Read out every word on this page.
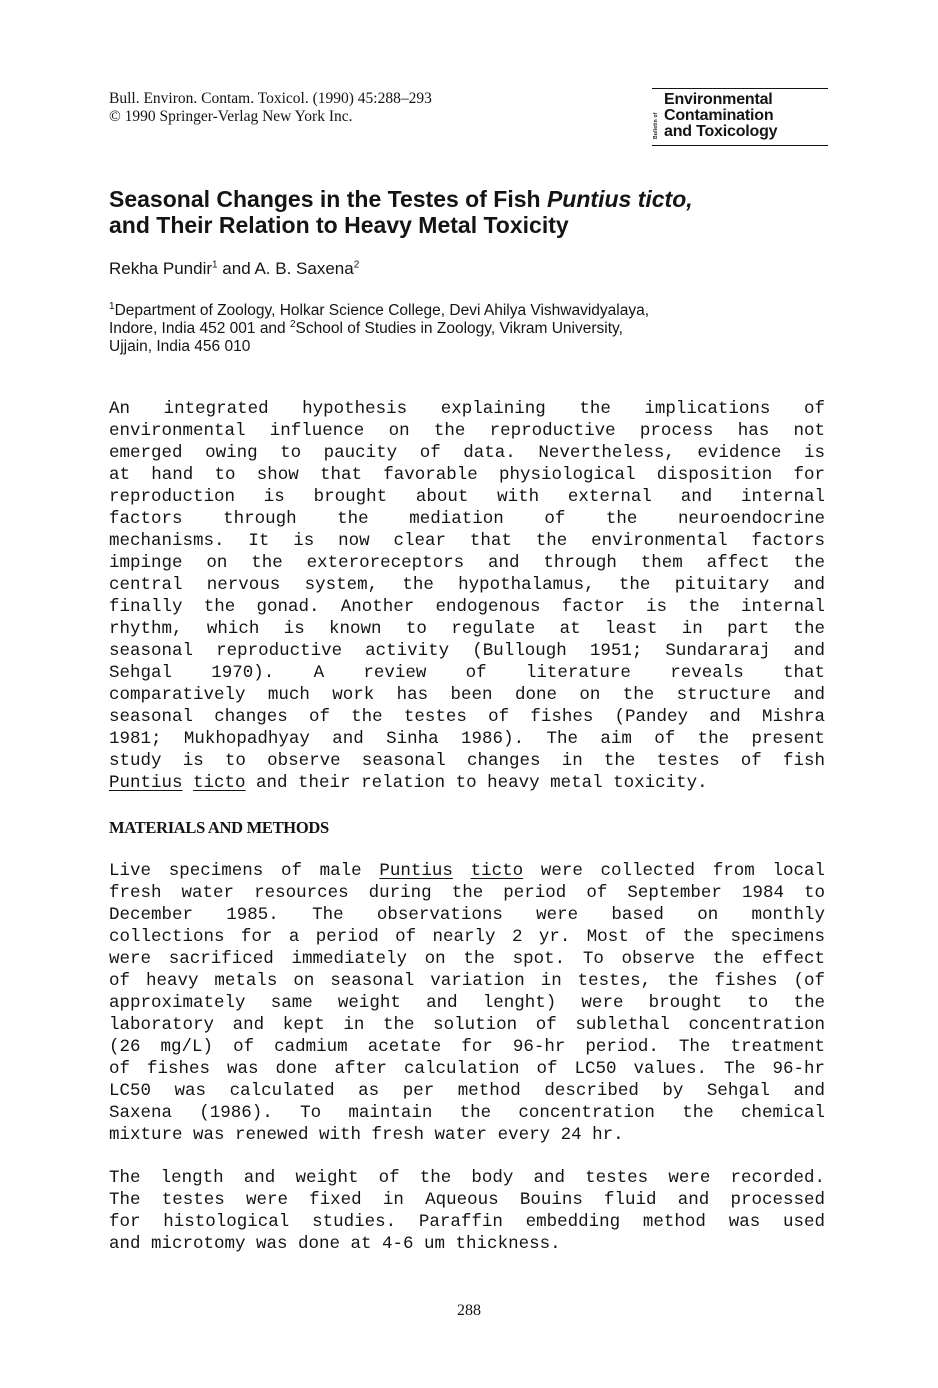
Bull. Environ. Contam. Toxicol. (1990) 45:288–293
© 1990 Springer-Verlag New York Inc.	Bulletin of
Environmental
Contamination
and Toxicology
Seasonal Changes in the Testes of Fish Puntius ticto,
and Their Relation to Heavy Metal Toxicity
Rekha Pundir$^1$ and A. B. Saxena$^2$
$^1$Department of Zoology, Holkar Science College, Devi Ahilya Vishwavidyalaya,
Indore, India 452 001 and $^2$School of Studies in Zoology, Vikram University,
Ujjain, India 456 010
An integrated hypothesis explaining the implications of
environmental influence on the reproductive process has not
emerged owing to paucity of data. Nevertheless, evidence is
at hand to show that favorable physiological disposition for
reproduction is brought about with external and internal
factors through the mediation of the neuroendocrine
mechanisms. It is now clear that the environmental factors
impinge on the exteroreceptors and through them affect the
central nervous system, the hypothalamus, the pituitary and
finally the gonad. Another endogenous factor is the internal
rhythm, which is known to regulate at least in part the
seasonal reproductive activity (Bullough 1951; Sundararaj and
Sehgal 1970). A review of literature reveals that
comparatively much work has been done on the structure and
seasonal changes of the testes of fishes (Pandey and Mishra
1981; Mukhopadhyay and Sinha 1986). The aim of the present
study is to observe seasonal changes in the testes of fish
Puntius ticto and their relation to heavy metal toxicity.
MATERIALS AND METHODS
Live specimens of male Puntius ticto were collected from local
fresh water resources during the period of September 1984 to
December 1985. The observations were based on monthly
collections for a period of nearly 2 yr. Most of the specimens
were sacrificed immediately on the spot. To observe the effect
of heavy metals on seasonal variation in testes, the fishes (of
approximately same weight and lenght) were brought to the
laboratory and kept in the solution of sublethal concentration
(26 mg/L) of cadmium acetate for 96-hr period. The treatment
of fishes was done after calculation of LC50 values. The 96-hr
LC50 was calculated as per method described by Sehgal and
Saxena (1986). To maintain the concentration the chemical
mixture was renewed with fresh water every 24 hr.
The length and weight of the body and testes were recorded.
The testes were fixed in Aqueous Bouins fluid and processed
for histological studies. Paraffin embedding method was used
and microtomy was done at 4-6 um thickness.
288
